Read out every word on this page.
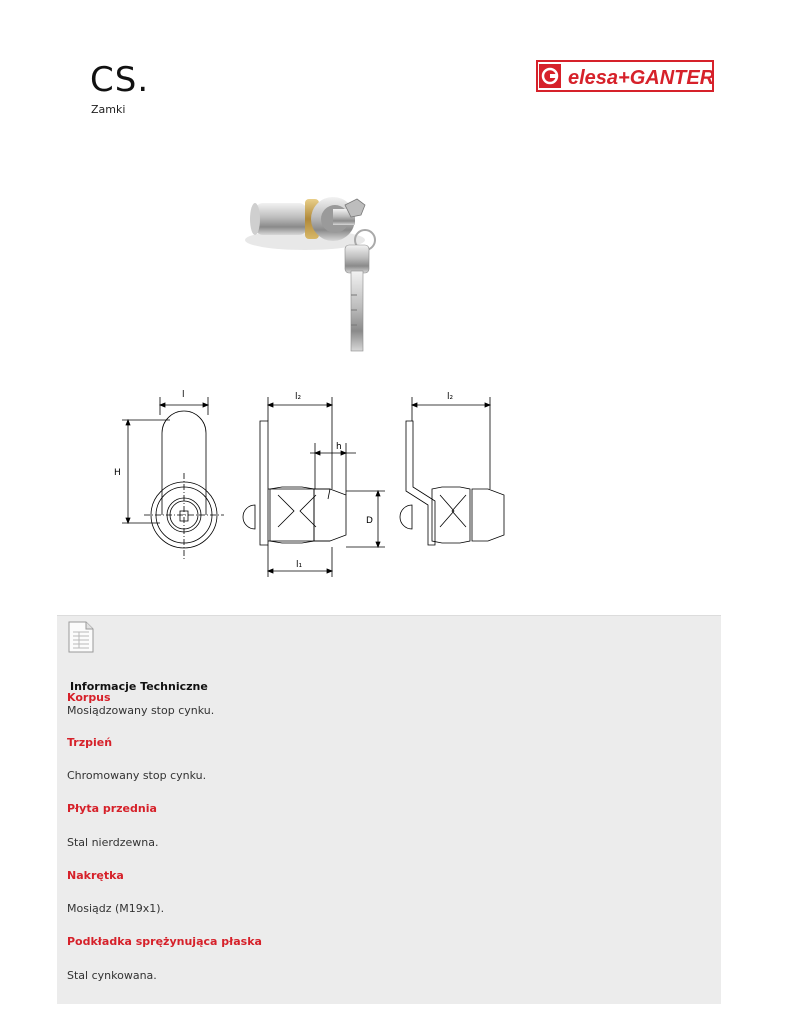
CS.
Zamki
elesa+GANTER
l
H
l₂
h
D
l₁
l₂
Informacje Techniczne
Korpus
Mosiądzowany stop cynku.
Trzpień
Chromowany stop cynku.
Płyta przednia
Stal nierdzewna.
Nakrętka
Mosiądz (M19x1).
Podkładka sprężynująca płaska
Stal cynkowana.
